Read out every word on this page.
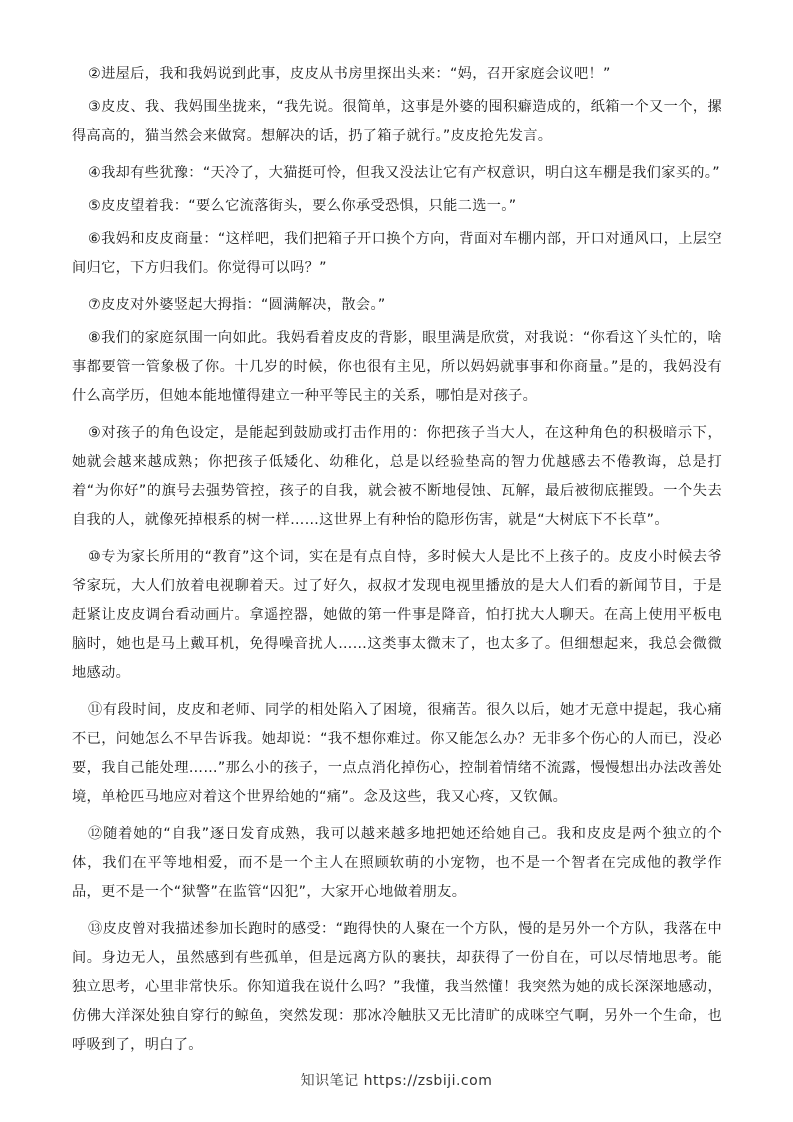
②进屋后，我和我妈说到此事，皮皮从书房里探出头来：“妈，召开家庭会议吧！”

③皮皮、我、我妈围坐拢来，“我先说。很简单，这事是外婆的囤积癖造成的，纸箱一个又一个，摞得高高的，猫当然会来做窝。想解决的话，扔了箱子就行。”皮皮抢先发言。

④我却有些犹豫：“天冷了，大猫挺可怜，但我又没法让它有产权意识，明白这车棚是我们家买的。”

⑤皮皮望着我：“要么它流落街头，要么你承受恐惧，只能二选一。”

⑥我妈和皮皮商量：“这样吧，我们把箱子开口换个方向，背面对车棚内部，开口对通风口，上层空间归它，下方归我们。你觉得可以吗？”

⑦皮皮对外婆竖起大拇指：“圆满解决，散会。”

⑧我们的家庭氛围一向如此。我妈看着皮皮的背影，眼里满是欣赏，对我说：“你看这丫头忙的，啥事都要管一管象极了你。十几岁的时候，你也很有主见，所以妈妈就事事和你商量。”是的，我妈没有什么高学历，但她本能地懂得建立一种平等民主的关系，哪怕是对孩子。

⑨对孩子的角色设定，是能起到鼓励或打击作用的：你把孩子当大人，在这种角色的积极暗示下，她就会越来越成熟；你把孩子低矮化、幼稚化，总是以经验垫高的智力优越感去不倦教诲，总是打着“为你好”的旗号去强势管控，孩子的自我，就会被不断地侵蚀、瓦解，最后被彻底摧毁。一个失去自我的人，就像死掉根系的树一样……这世界上有种怡的隐形伤害，就是“大树底下不长草”。

⑩专为家长所用的“教育”这个词，实在是有点自恃，多时候大人是比不上孩子的。皮皮小时候去爷爷家玩，大人们放着电视聊着天。过了好久，叔叔才发现电视里播放的是大人们看的新闻节目，于是赶紧让皮皮调台看动画片。拿遥控器，她做的第一件事是降音，怕打扰大人聊天。在高上使用平板电脑时，她也是马上戴耳机，免得噪音扰人……这类事太微末了，也太多了。但细想起来，我总会微微地感动。

⑪有段时间，皮皮和老师、同学的相处陷入了困境，很痛苦。很久以后，她才无意中提起，我心痛不已，问她怎么不早告诉我。她却说：“我不想你难过。你又能怎么办？无非多个伤心的人而已，没必要，我自己能处理……”那么小的孩子，一点点消化掉伤心，控制着情绪不流露，慢慢想出办法改善处境，单枪匹马地应对着这个世界给她的“痛”。念及这些，我又心疼，又钦佩。

⑫随着她的“自我”逐日发育成熟，我可以越来越多地把她还给她自己。我和皮皮是两个独立的个体，我们在平等地相爱，而不是一个主人在照顾软萌的小宠物，也不是一个智者在完成他的教学作品，更不是一个“狱警”在监管“囚犯”，大家开心地做着朋友。

⑬皮皮曾对我描述参加长跑时的感受：“跑得快的人聚在一个方队，慢的是另外一个方队，我落在中间。身边无人，虽然感到有些孤单，但是远离方队的裹扶，却获得了一份自在，可以尽情地思考。能独立思考，心里非常快乐。你知道我在说什么吗？”我懂，我当然懂！我突然为她的成长深深地感动，仿佛大洋深处独自穿行的鲸鱼，突然发现：那冰冷触肤又无比清旷的成咪空气啊，另外一个生命，也呼吸到了，明白了。

知识笔记 https://zsbiji.com
